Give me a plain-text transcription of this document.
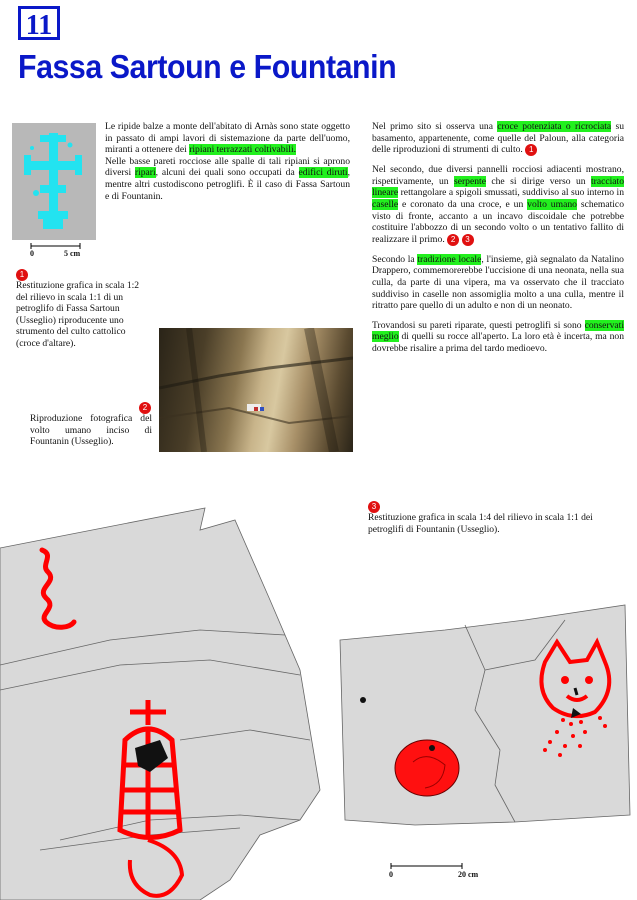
11
Fassa Sartoun e Fountanin
0	5 cm
1
Restituzione grafica in scala 1:2 del rilievo in scala 1:1 di un petroglifo di Fassa Sartoun (Usseglio) riproducente uno strumento del culto cattolico (croce d'altare).
Le ripide balze a monte dell'abitato di Arnàs sono state oggetto in passato di ampi lavori di sistemazione da parte dell'uomo, miranti a ottenere dei ripiani terrazzati coltivabili.
Nelle basse pareti rocciose alle spalle di tali ripiani si aprono diversi ripari, alcuni dei quali sono occupati da edifici diruti, mentre altri custodiscono petroglifi. È il caso di Fassa Sartoun e di Fountanin.
2
Riproduzione fotografica del volto umano inciso di Fountanin (Usseglio).

Nel primo sito si osserva una croce potenziata o ricrociata su basamento, appartenente, come quelle del Paloun, alla categoria delle riproduzioni di strumenti di culto. 1

Nel secondo, due diversi pannelli rocciosi adiacenti mostrano, rispettivamente, un serpente che si dirige verso un tracciato lineare rettangolare a spigoli smussati, suddiviso al suo interno in caselle e coronato da una croce, e un volto umano schematico visto di fronte, accanto a un incavo discoidale che potrebbe costituire l'abbozzo di un secondo volto o un tentativo fallito di realizzare il primo. 2 3

Secondo la tradizione locale, l'insieme, già segnalato da Natalino Drappero, commemorerebbe l'uccisione di una neonata, nella sua culla, da parte di una vipera, ma va osservato che il tracciato suddiviso in caselle non assomiglia molto a una culla, mentre il ritratto pare quello di un adulto e non di un neonato.

Trovandosi su pareti riparate, questi petroglifi si sono conservati meglio di quelli su rocce all'aperto. La loro età è incerta, ma non dovrebbe risalire a prima del tardo medioevo.

3
Restituzione grafica in scala 1:4 del rilievo in scala 1:1 dei petroglifi di Fountanin (Usseglio).
0	20 cm
